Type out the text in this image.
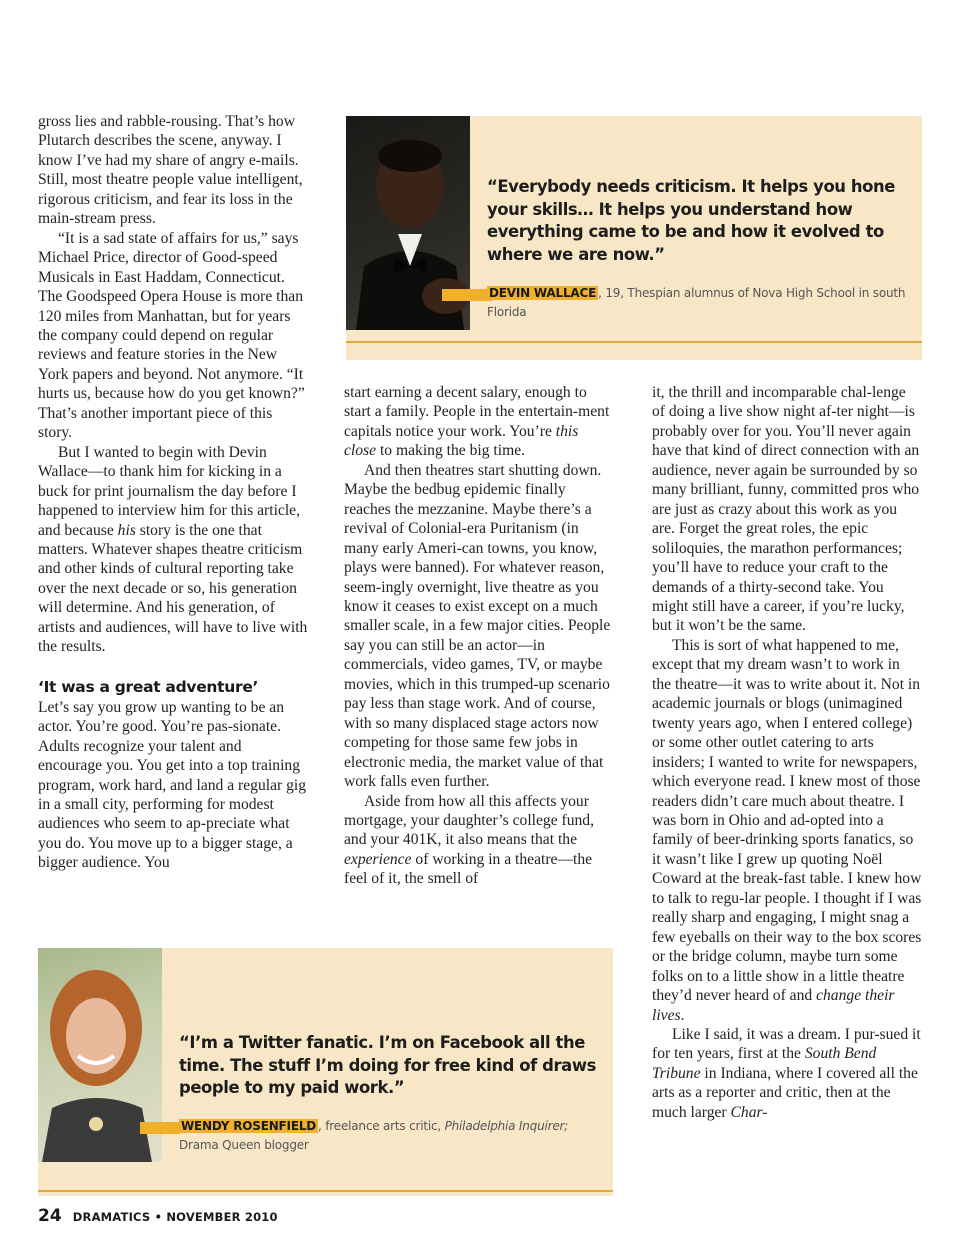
gross lies and rabble-rousing. That’s how Plutarch describes the scene, anyway. I know I’ve had my share of angry e-mails. Still, most theatre people value intelligent, rigorous criticism, and fear its loss in the main-stream press.

“It is a sad state of affairs for us,” says Michael Price, director of Good-speed Musicals in East Haddam, Connecticut. The Goodspeed Opera House is more than 120 miles from Manhattan, but for years the company could depend on regular reviews and feature stories in the New York papers and beyond. Not anymore. “It hurts us, because how do you get known?” That’s another important piece of this story.

But I wanted to begin with Devin Wallace—to thank him for kicking in a buck for print journalism the day before I happened to interview him for this article, and because his story is the one that matters. Whatever shapes theatre criticism and other kinds of cultural reporting take over the next decade or so, his generation will determine. And his generation, of artists and audiences, will have to live with the results.

‘It was a great adventure’

Let’s say you grow up wanting to be an actor. You’re good. You’re pas-sionate. Adults recognize your talent and encourage you. You get into a top training program, work hard, and land a regular gig in a small city, performing for modest audiences who seem to ap-preciate what you do. You move up to a bigger stage, a bigger audience. You

start earning a decent salary, enough to start a family. People in the entertain-ment capitals notice your work. You’re this close to making the big time.

And then theatres start shutting down. Maybe the bedbug epidemic finally reaches the mezzanine. Maybe there’s a revival of Colonial-era Puritanism (in many early Ameri-can towns, you know, plays were banned). For whatever reason, seem-ingly overnight, live theatre as you know it ceases to exist except on a much smaller scale, in a few major cities. People say you can still be an actor—in commercials, video games, TV, or maybe movies, which in this trumped-up scenario pay less than stage work. And of course, with so many displaced stage actors now competing for those same few jobs in electronic media, the market value of that work falls even further.

Aside from how all this affects your mortgage, your daughter’s college fund, and your 401K, it also means that the experience of working in a theatre—the feel of it, the smell of

it, the thrill and incomparable chal-lenge of doing a live show night af-ter night—is probably over for you. You’ll never again have that kind of direct connection with an audience, never again be surrounded by so many brilliant, funny, committed pros who are just as crazy about this work as you are. Forget the great roles, the epic soliloquies, the marathon performances; you’ll have to reduce your craft to the demands of a thirty-second take. You might still have a career, if you’re lucky, but it won’t be the same.

This is sort of what happened to me, except that my dream wasn’t to work in the theatre—it was to write about it. Not in academic journals or blogs (unimagined twenty years ago, when I entered college) or some other outlet catering to arts insiders; I wanted to write for newspapers, which everyone read. I knew most of those readers didn’t care much about theatre. I was born in Ohio and ad-opted into a family of beer-drinking sports fanatics, so it wasn’t like I grew up quoting Noël Coward at the break-fast table. I knew how to talk to regu-lar people. I thought if I was really sharp and engaging, I might snag a few eyeballs on their way to the box scores or the bridge column, maybe turn some folks on to a little show in a little theatre they’d never heard of and change their lives.

Like I said, it was a dream. I pur-sued it for ten years, first at the South Bend Tribune in Indiana, where I covered all the arts as a reporter and critic, then at the much larger Char-

“Everybody needs criticism. It helps you hone your skills… It helps you understand how everything came to be and how it evolved to where we are now.”
DEVIN WALLACE , 19, Thespian alumnus of Nova High School in south Florida
“I’m a Twitter fanatic. I’m on Facebook all the time. The stuff I’m doing for free kind of draws people to my paid work.”
WENDY ROSENFIELD , freelance arts critic, Philadelphia Inquirer; Drama Queen blogger
24 DRAMATICS • NOVEMBER 2010
